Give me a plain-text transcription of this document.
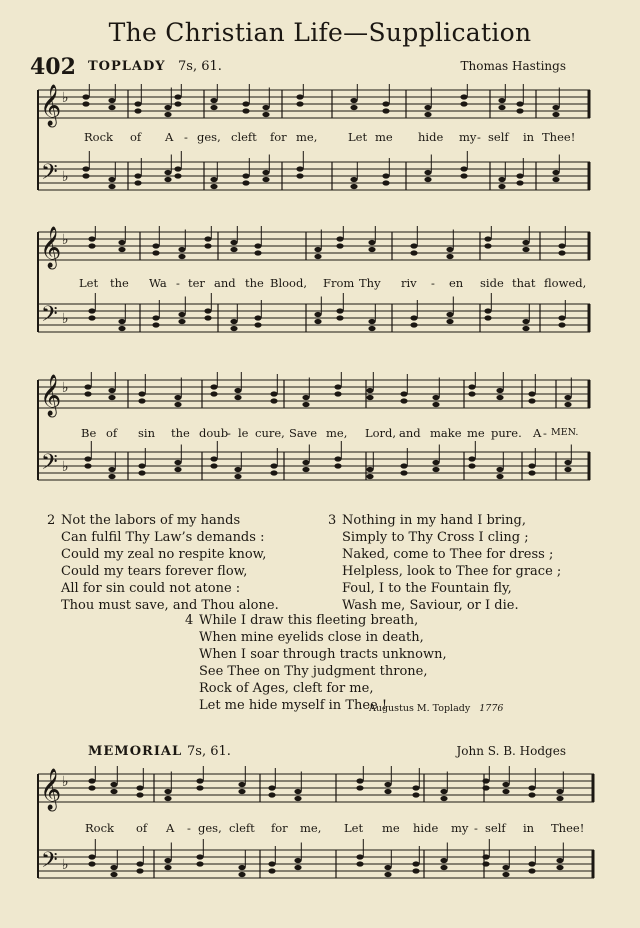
The Christian Life—Supplication
402 TOPLADY 7s, 61.	Thomas Hastings
𝄞
𝄢
♭
♭
Rock of A - ges, cleft for me,	Let me hide my - self in Thee!
𝄞
𝄢
♭
♭
Let the Wa - ter and the Blood, From Thy riv - en side that flowed,
𝄞
𝄢
♭
♭
Be of sin the doub
- le cure, Save me, Lord, and make me pure. A - MEN.
2 Not the labors of my hands
Can fulfil Thy Law’s demands :
Could my zeal no respite know,
Could my tears forever flow,
All for sin could not atone :
Thou must save, and Thou alone.
3 Nothing in my hand I bring,
Simply to Thy Cross I cling ;
Naked, come to Thee for dress ;
Helpless, look to Thee for grace ;
Foul, I to the Fountain fly,
Wash me, Saviour, or I die.
4 While I draw this fleeting breath,
When mine eyelids close in death,
When I soar through tracts unknown,
See Thee on Thy judgment throne,
Rock of Ages, cleft for me,
Let me hide myself in Thee !
Augustus M. Toplady 1776
MEMORIAL 7s, 61.	John S. B. Hodges
𝄞
𝄢
♭
♭
Rock of A - ges, cleft for me, Let me hide my - self in Thee!
